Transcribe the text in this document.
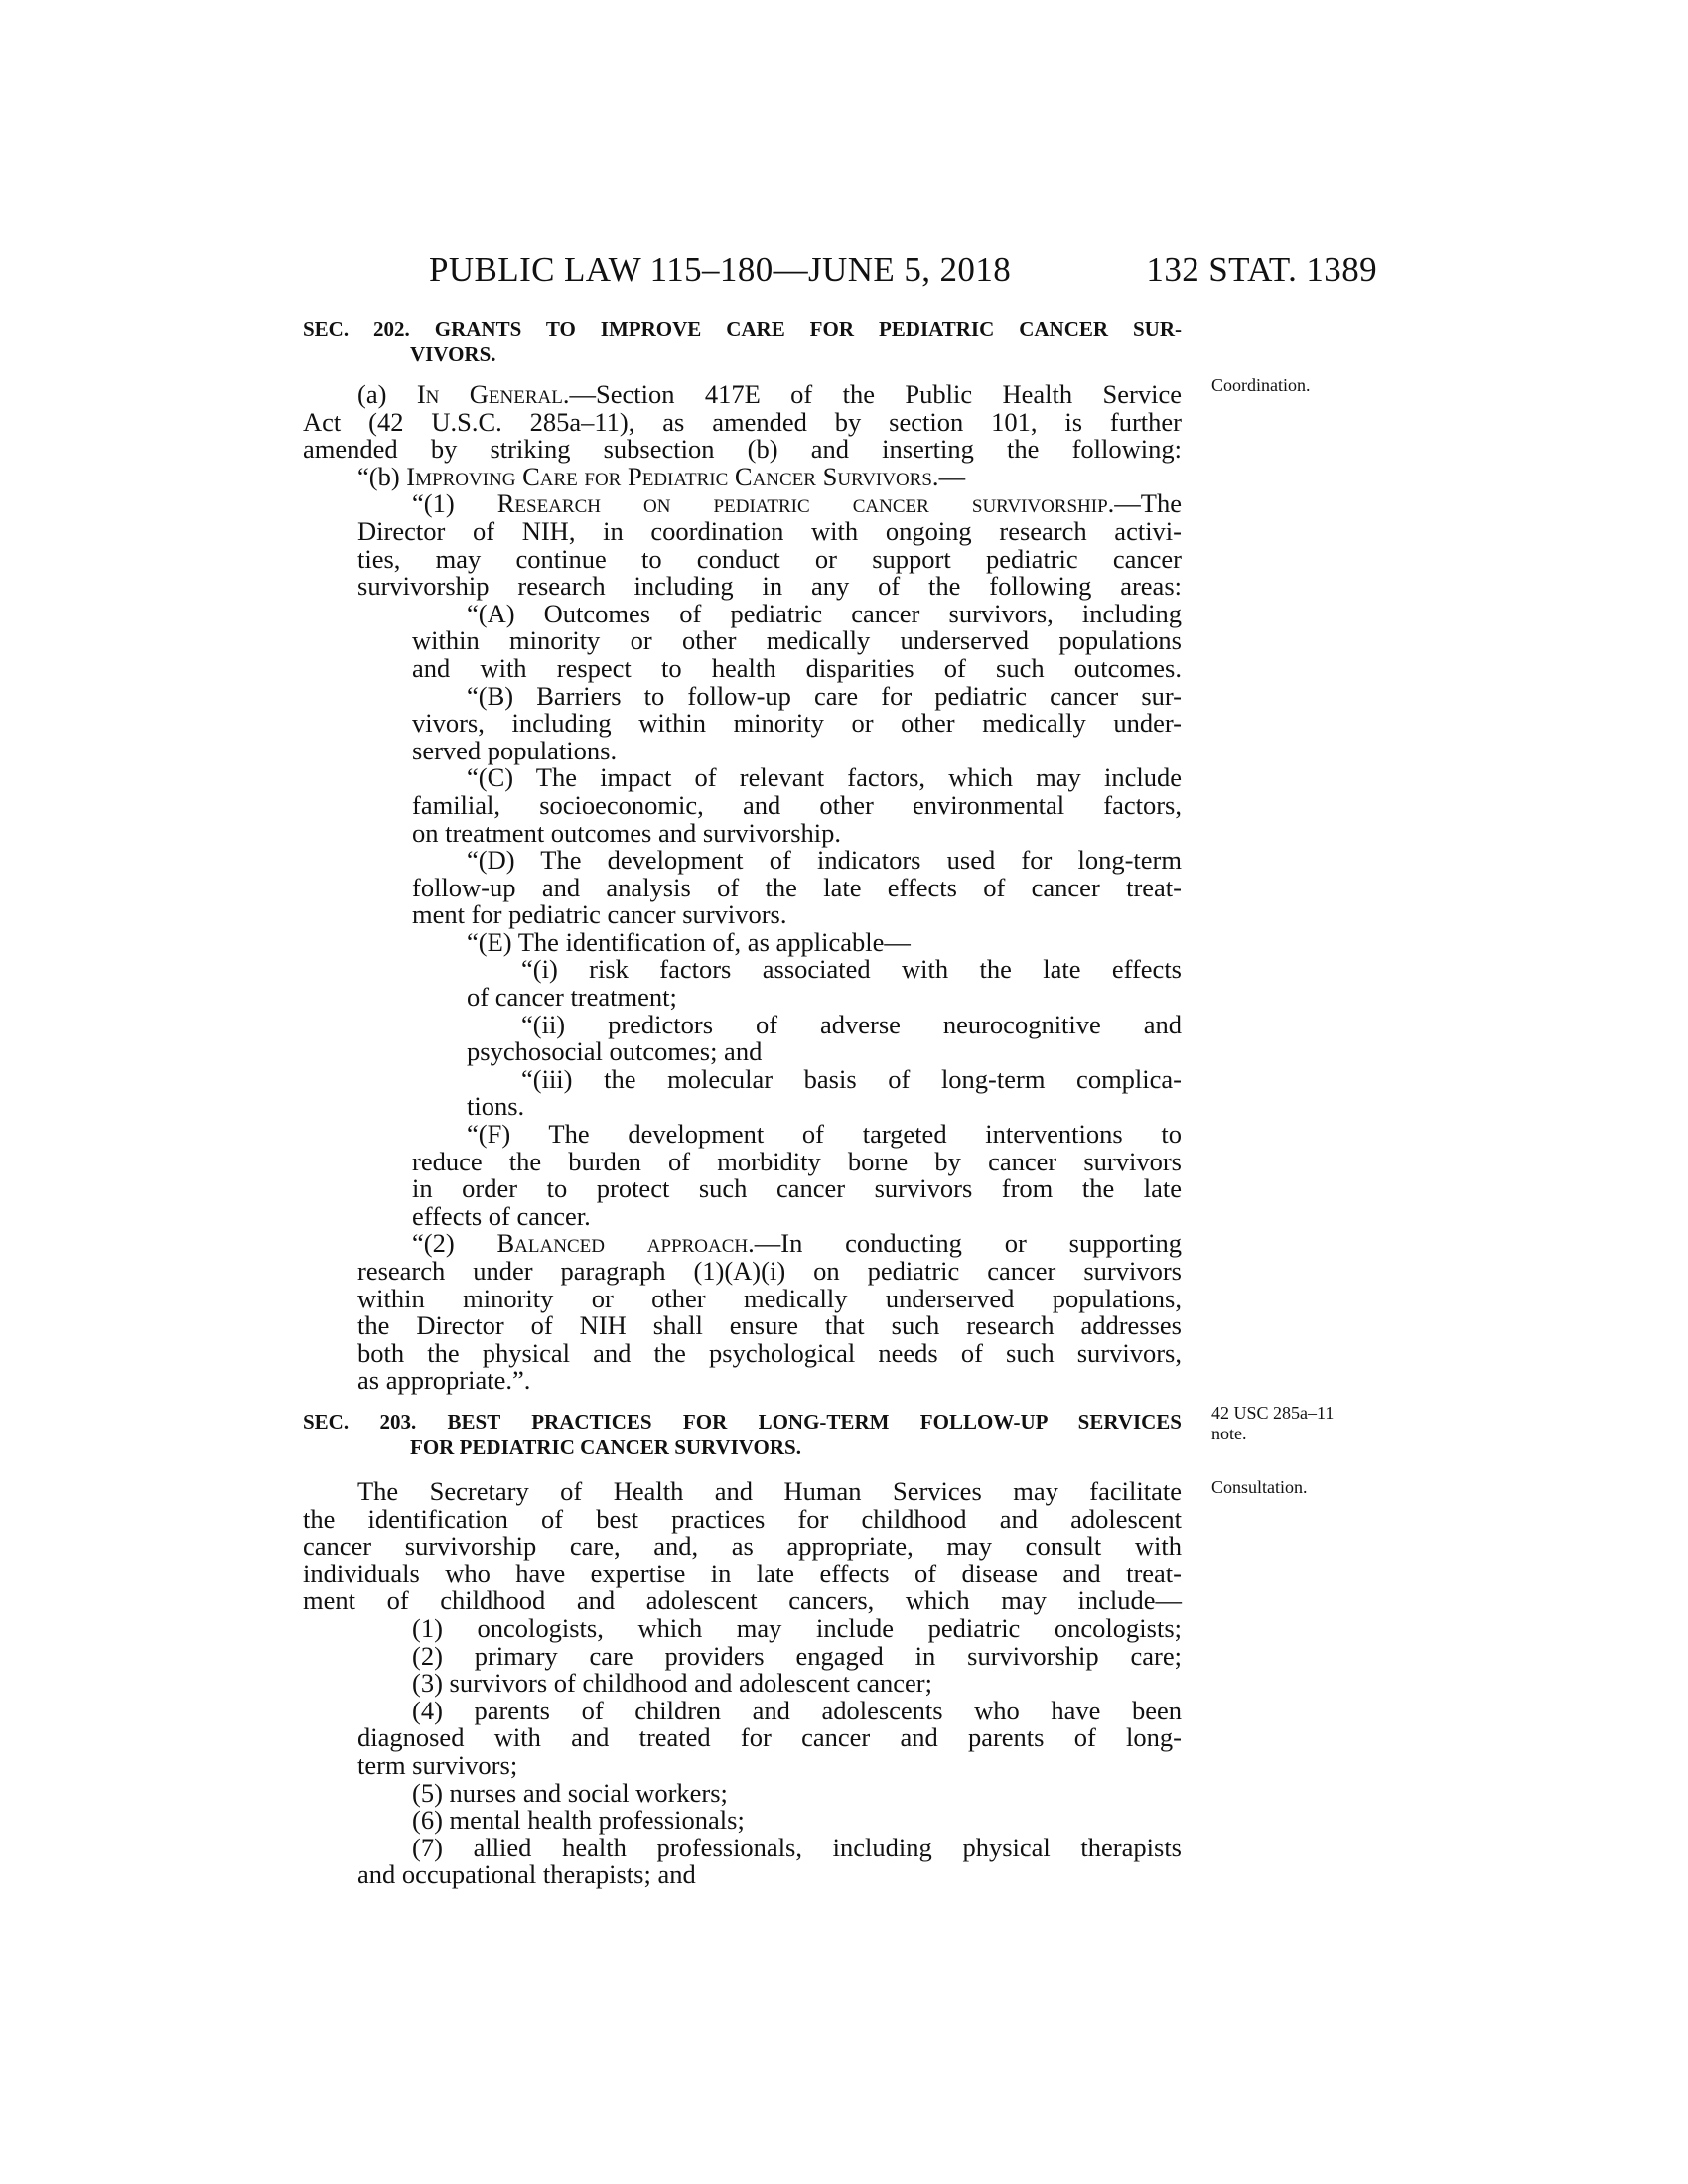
PUBLIC LAW 115–180—JUNE 5, 2018	132 STAT. 1389
Coordination.
42 USC 285a–11
note.
Consultation.
SEC. 202. GRANTS TO IMPROVE CARE FOR PEDIATRIC CANCER SUR-
VIVORS.
(a) In General.—Section 417E of the Public Health Service
Act (42 U.S.C. 285a–11), as amended by section 101, is further
amended by striking subsection (b) and inserting the following:
“(b) Improving Care for Pediatric Cancer Survivors.—
“(1) Research on pediatric cancer survivorship.—The
Director of NIH, in coordination with ongoing research activi-
ties, may continue to conduct or support pediatric cancer
survivorship research including in any of the following areas:
“(A) Outcomes of pediatric cancer survivors, including
within minority or other medically underserved populations
and with respect to health disparities of such outcomes.
“(B) Barriers to follow-up care for pediatric cancer sur-
vivors, including within minority or other medically under-
served populations.
“(C) The impact of relevant factors, which may include
familial, socioeconomic, and other environmental factors,
on treatment outcomes and survivorship.
“(D) The development of indicators used for long-term
follow-up and analysis of the late effects of cancer treat-
ment for pediatric cancer survivors.
“(E) The identification of, as applicable—
“(i) risk factors associated with the late effects
of cancer treatment;
“(ii) predictors of adverse neurocognitive and
psychosocial outcomes; and
“(iii) the molecular basis of long-term complica-
tions.
“(F) The development of targeted interventions to
reduce the burden of morbidity borne by cancer survivors
in order to protect such cancer survivors from the late
effects of cancer.
“(2) Balanced approach.—In conducting or supporting
research under paragraph (1)(A)(i) on pediatric cancer survivors
within minority or other medically underserved populations,
the Director of NIH shall ensure that such research addresses
both the physical and the psychological needs of such survivors,
as appropriate.”.
SEC. 203. BEST PRACTICES FOR LONG-TERM FOLLOW-UP SERVICES
FOR PEDIATRIC CANCER SURVIVORS.
The Secretary of Health and Human Services may facilitate
the identification of best practices for childhood and adolescent
cancer survivorship care, and, as appropriate, may consult with
individuals who have expertise in late effects of disease and treat-
ment of childhood and adolescent cancers, which may include—
(1) oncologists, which may include pediatric oncologists;
(2) primary care providers engaged in survivorship care;
(3) survivors of childhood and adolescent cancer;
(4) parents of children and adolescents who have been
diagnosed with and treated for cancer and parents of long-
term survivors;
(5) nurses and social workers;
(6) mental health professionals;
(7) allied health professionals, including physical therapists
and occupational therapists; and
